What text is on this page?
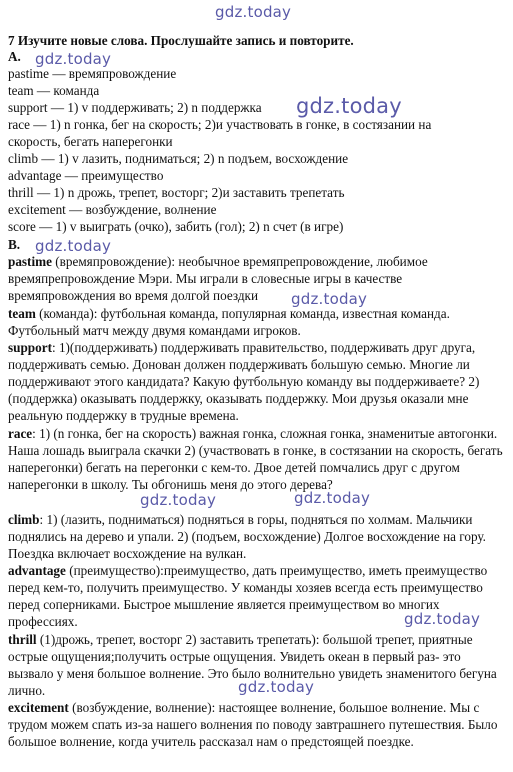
gdz.today
gdz.today
gdz.today
gdz.today
gdz.today
gdz.today	gdz.today
gdz.today
gdz.today
7 Изучите новые слова. Прослушайте запись и повторите.
A.
pastime — времяпровождение
team — команда
support — 1) v поддерживать; 2) n поддержка
race — 1) n гонка, бег на скорость; 2)и участвовать в гонке, в состязании на
скорость, бегать наперегонки
climb — 1) v лазить, подниматься; 2) n подъем, восхождение
advantage — преимущество
thrill — 1) n дрожь, трепет, восторг; 2)и заставить трепетать
excitement — возбуждение, волнение
score — 1) v выиграть (очко), забить (гол); 2) n счет (в игре)
B.
pastime (времяпровождение): необычное времяпрепровождение, любимое времяпрепровождение Мэри. Мы играли в словесные игры в качестве времяпровождения во время долгой поездки
team (команда): футбольная команда, популярная команда, известная команда. Футбольный матч между двумя командами игроков.
support: 1)(поддерживать) поддерживать правительство, поддерживать друг друга, поддерживать семью. Донован должен поддерживать большую семью. Многие ли поддерживают этого кандидата? Какую футбольную команду вы поддерживаете? 2)(поддержка) оказывать поддержку, оказывать поддержку. Мои друзья оказали мне реальную поддержку в трудные времена.
race: 1) (n гонка, бег на скорость) важная гонка, сложная гонка, знаменитые автогонки. Наша лошадь выиграла скачки 2) (участвовать в гонке, в состязании на скорость, бегать наперегонки) бегать на перегонки с кем-то. Двое детей помчались друг с другом наперегонки в школу. Ты обгонишь меня до этого дерева?
climb: 1) (лазить, подниматься) подняться в горы, подняться по холмам. Мальчики поднялись на дерево и упали. 2) (подъем, восхождение) Долгое восхождение на гору. Поездка включает восхождение на вулкан.
advantage (преимущество):преимущество, дать преимущество, иметь преимущество перед кем-то, получить преимущество. У команды хозяев всегда есть преимущество перед соперниками. Быстрое мышление является преимуществом во многих профессиях.
thrill (1)дрожь, трепет, восторг 2) заставить трепетать): большой трепет, приятные острые ощущения;получить острые ощущения. Увидеть океан в первый раз- это вызвало у меня большое волнение. Это было волнительно увидеть знаменитого бегуна лично.
excitement (возбуждение, волнение): настоящее волнение, большое волнение. Мы с трудом можем спать из-за нашего волнения по поводу завтрашнего путешествия. Было большое волнение, когда учитель рассказал нам о предстоящей поездке.
